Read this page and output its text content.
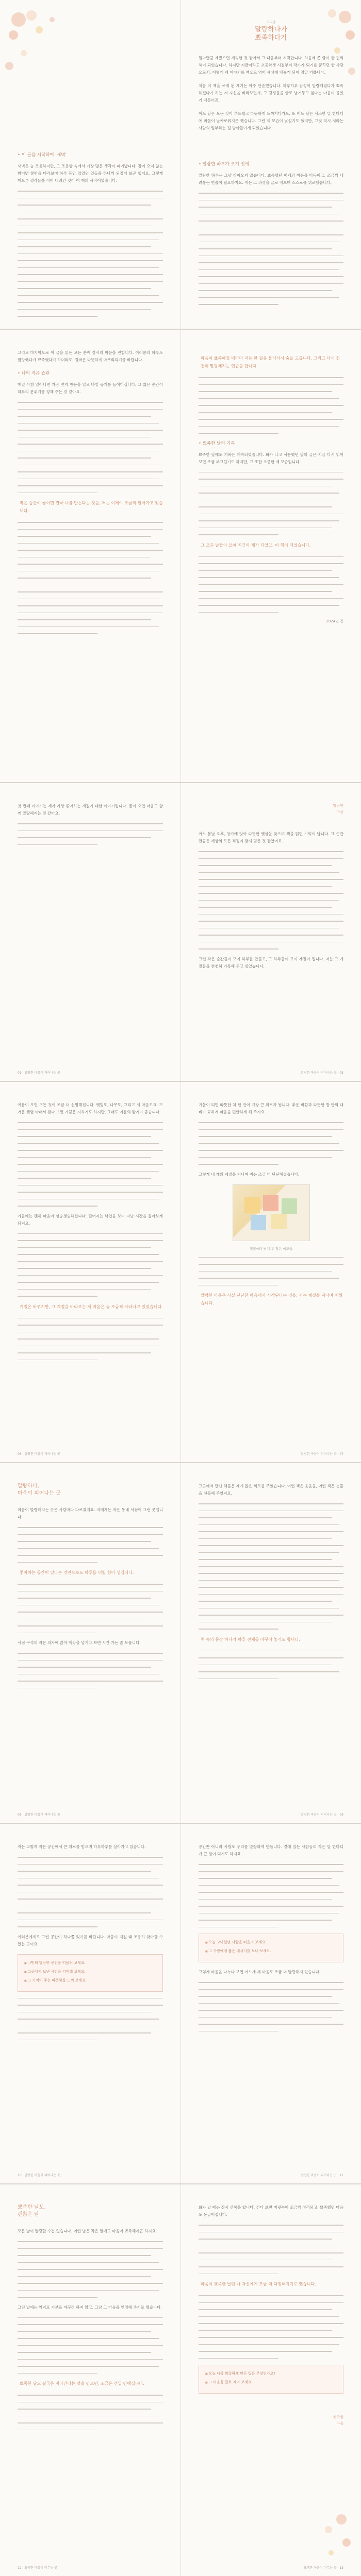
• 이 글을 시작하며 ‘새벽’

새벽은 늘 조용하지만, 그 조용함 속에서 가장 많은 생각이 피어납니다. 잠이 오지 않는 밤이면 창밖을 바라보며 하루 동안 있었던 일들을 하나씩 되짚어 보곤 했어요. 그렇게 떠오른 생각들을 적어 내려간 것이 이 책의 시작이었습니다.

머리말
말랑하다가
뾰족하다가

얼마만큼 재밌으면 계속한 것 같아서 그 다음부터 시작합니다. 처음에 쓴 글이 한 권의 책이 되었습니다. 하지만 지금이라도 초등학생 시절부터 작가가 되기를 꿈꾸던 한 사람으로서, 이렇게 제 이야기를 책으로 엮어 세상에 내놓게 되어 정말 기쁩니다.

처음 이 책을 쓰게 된 계기는 아주 단순했습니다. 하루하루 감정이 말랑해졌다가 뾰족해졌다가 하는 저 자신을 바라보면서, 그 감정들을 글로 남겨두고 싶다는 마음이 들었기 때문이죠.

어느 날은 모든 것이 부드럽고 따뜻하게 느껴지다가도, 또 어느 날은 사소한 말 한마디에 마음이 날카로워지곤 했습니다. 그런 제 모습이 낯설기도 했지만, 그것 역시 저라는 사람의 일부라는 걸 받아들이게 되었습니다.

• 말랑한 하루가 오기 전에

말랑한 하루는 그냥 찾아오지 않습니다. 뾰족했던 어제의 마음을 다독이고, 조금씩 내려놓는 연습이 필요하지요. 저는 그 과정을 글로 적으며 스스로를 위로했습니다.

그리고 마지막으로 이 글을 읽는 모든 분께 감사의 마음을 전합니다. 여러분의 하루도 말랑했다가 뾰족했다가 하더라도, 결국은 따뜻하게 마무리되기를 바랍니다.

• 나의 작은 습관

매일 아침 일어나면 가장 먼저 창문을 열고 바깥 공기를 들이마십니다. 그 짧은 순간이 하루의 분위기를 정해 주는 것 같아요.

작은 습관이 쌓이면 결국 나를 만든다는 것을, 저는 이제야 조금씩 알아가고 있습니다.
마음이 뾰족해질 때마다 저는 한 걸음 물러서서 숨을 고릅니다. 그리고 다시 천천히 말랑해지는 연습을 합니다.
• 뾰족한 날의 기록

뾰족한 날에도 기록은 계속되었습니다. 화가 나고 서운했던 날의 글은 지금 다시 읽어 보면 조금 부끄럽기도 하지만, 그 또한 소중한 제 모습입니다.

그 모든 날들이 모여 지금의 제가 되었고, 이 책이 되었습니다.
2024년 봄

첫 번째 이야기는 제가 가장 좋아하는 계절에 대한 이야기입니다. 봄이 오면 마음도 함께 말랑해지는 것 같아요.

01 · 말랑한 마음이 피어나는 곳
말랑한
마음

어느 봄날 오후, 창가에 앉아 따뜻한 햇살을 맞으며 책을 읽던 기억이 납니다. 그 순간만큼은 세상의 모든 걱정이 잠시 멈춘 것 같았어요.

그런 작은 순간들이 모여 하루를 만들고, 그 하루들이 모여 계절이 됩니다. 저는 그 계절들을 천천히 기록해 두고 싶었습니다.

말랑한 마음이 피어나는 곳 · 05

여름이 오면 모든 것이 조금 더 선명해집니다. 햇빛도, 나무도, 그리고 제 마음도요. 뜨거운 햇볕 아래서 걷다 보면 가끔은 지치기도 하지만, 그래도 여름의 활기가 좋습니다.

가을에는 괜히 마음이 싱숭생숭해집니다. 떨어지는 낙엽을 보며 지난 시간을 돌아보게 되지요.

계절은 바뀌지만, 그 계절을 바라보는 제 마음은 늘 조금씩 자라나고 있었습니다.
06 · 말랑한 마음이 피어나는 곳

겨울이 되면 따뜻한 차 한 잔이 가장 큰 위로가 됩니다. 추운 바깥과 따뜻한 방 안의 대비가 묘하게 마음을 편안하게 해 주지요.

그렇게 네 개의 계절을 지나며 저는 조금 더 단단해졌습니다.

계절마다 남겨 둔 작은 메모들
말랑한 마음은 사실 단단한 마음에서 시작된다는 것을, 저는 계절을 지나며 배웠습니다.
말랑한 마음이 피어나는 곳 · 07
말랑하다,
마음이 피어나는 곳

마음이 말랑해지는 곳은 사람마다 다르겠지요. 저에게는 작은 동네 서점이 그런 곳입니다.

좋아하는 공간이 있다는 것만으로도 하루를 버틸 힘이 생깁니다.

서점 구석의 작은 의자에 앉아 책장을 넘기다 보면 시간 가는 줄 모릅니다.

08 · 말랑한 마음이 피어나는 곳

그곳에서 만난 책들은 제게 많은 위로를 주었습니다. 어떤 책은 웃음을, 어떤 책은 눈물을 선물해 주었지요.

책 속의 문장 하나가 하루 전체를 바꾸어 놓기도 합니다.
말랑한 마음이 피어나는 곳 · 09

저는 그렇게 작은 공간에서 큰 위로를 받으며 하루하루를 살아가고 있습니다.

여러분에게도 그런 공간이 하나쯤 있기를 바랍니다. 마음이 지칠 때 조용히 찾아갈 수 있는 곳이요.

■ 나만의 말랑한 공간을 떠올려 보세요.
■ 그곳에서 보낸 시간을 기억해 보세요.
■ 그 기억이 주는 따뜻함을 느껴 보세요.
10 · 말랑한 마음이 피어나는 곳

공간뿐 아니라 사람도 우리를 말랑하게 만듭니다. 곁에 있는 사람들의 작은 말 한마디가 큰 힘이 되기도 하지요.

■ 오늘 고마웠던 사람을 떠올려 보세요.
■ 그 사람에게 짧은 메시지를 보내 보세요.

그렇게 마음을 나누다 보면 어느새 제 마음도 조금 더 말랑해져 있습니다.

말랑한 마음이 피어나는 곳 · 11
뾰족한 날도,
괜찮은 날

모든 날이 말랑할 수는 없습니다. 어떤 날은 작은 일에도 마음이 뾰족해지곤 하지요.

그런 날에는 억지로 기분을 바꾸려 하지 않고, 그냥 그 마음을 인정해 주기로 했습니다.

뾰족한 날도 결국은 지나간다는 것을 믿으면, 조금은 견딜 만해집니다.
12 · 뾰족한 마음이 머무는 곳

화가 날 때는 잠시 산책을 합니다. 걷다 보면 머릿속이 조금씩 정리되고, 뾰족했던 마음도 둥글어집니다.

마음이 뾰족한 날엔 나 자신에게 조금 더 다정해지기로 했습니다.
■ 오늘 나를 뾰족하게 만든 일은 무엇인가요?
■ 그 마음을 글로 적어 보세요.
뾰족한
마음
뾰족한 마음이 머무는 곳 · 13
